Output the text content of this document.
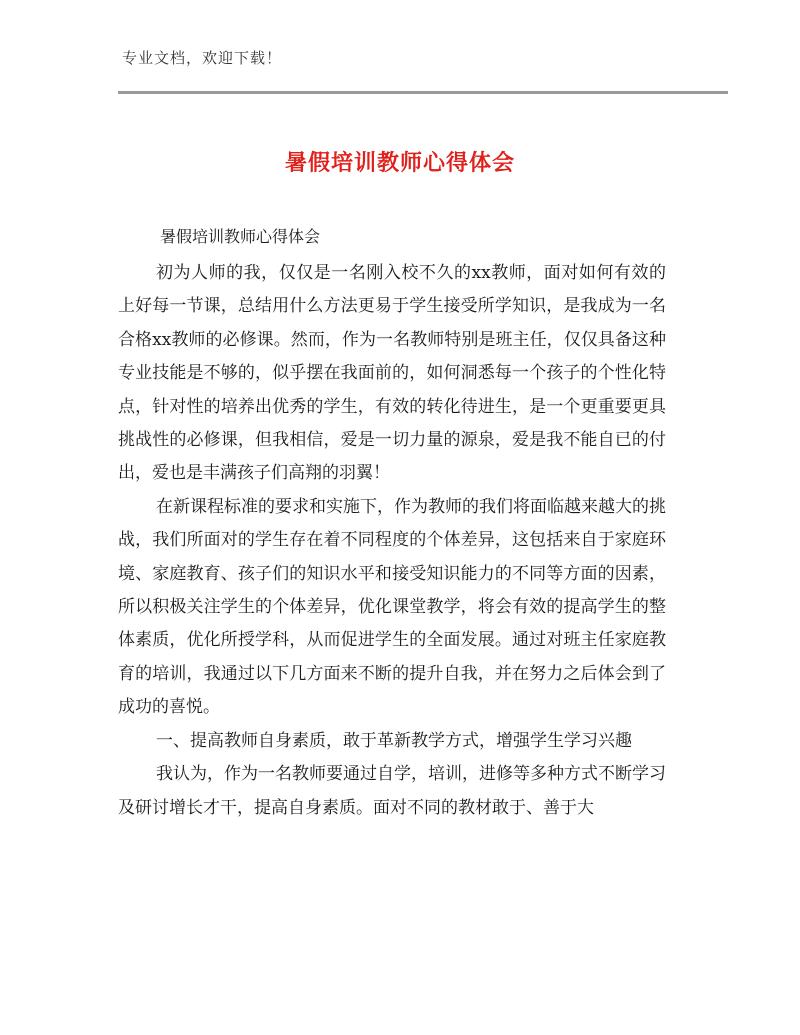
专业文档，欢迎下载！
暑假培训教师心得体会
暑假培训教师心得体会

初为人师的我，仅仅是一名刚入校不久的xx教师，面对如何有效的上好每一节课，总结用什么方法更易于学生接受所学知识，是我成为一名合格xx教师的必修课。然而，作为一名教师特别是班主任，仅仅具备这种专业技能是不够的，似乎摆在我面前的，如何洞悉每一个孩子的个性化特点，针对性的培养出优秀的学生，有效的转化待进生，是一个更重要更具挑战性的必修课，但我相信，爱是一切力量的源泉，爱是我不能自已的付出，爱也是丰满孩子们高翔的羽翼！

在新课程标准的要求和实施下，作为教师的我们将面临越来越大的挑战，我们所面对的学生存在着不同程度的个体差异，这包括来自于家庭环境、家庭教育、孩子们的知识水平和接受知识能力的不同等方面的因素，所以积极关注学生的个体差异，优化课堂教学，将会有效的提高学生的整体素质，优化所授学科，从而促进学生的全面发展。通过对班主任家庭教育的培训，我通过以下几方面来不断的提升自我，并在努力之后体会到了成功的喜悦。

一、提高教师自身素质，敢于革新教学方式，增强学生学习兴趣

我认为，作为一名教师要通过自学，培训，进修等多种方式不断学习及研讨增长才干，提高自身素质。面对不同的教材敢于、善于大
